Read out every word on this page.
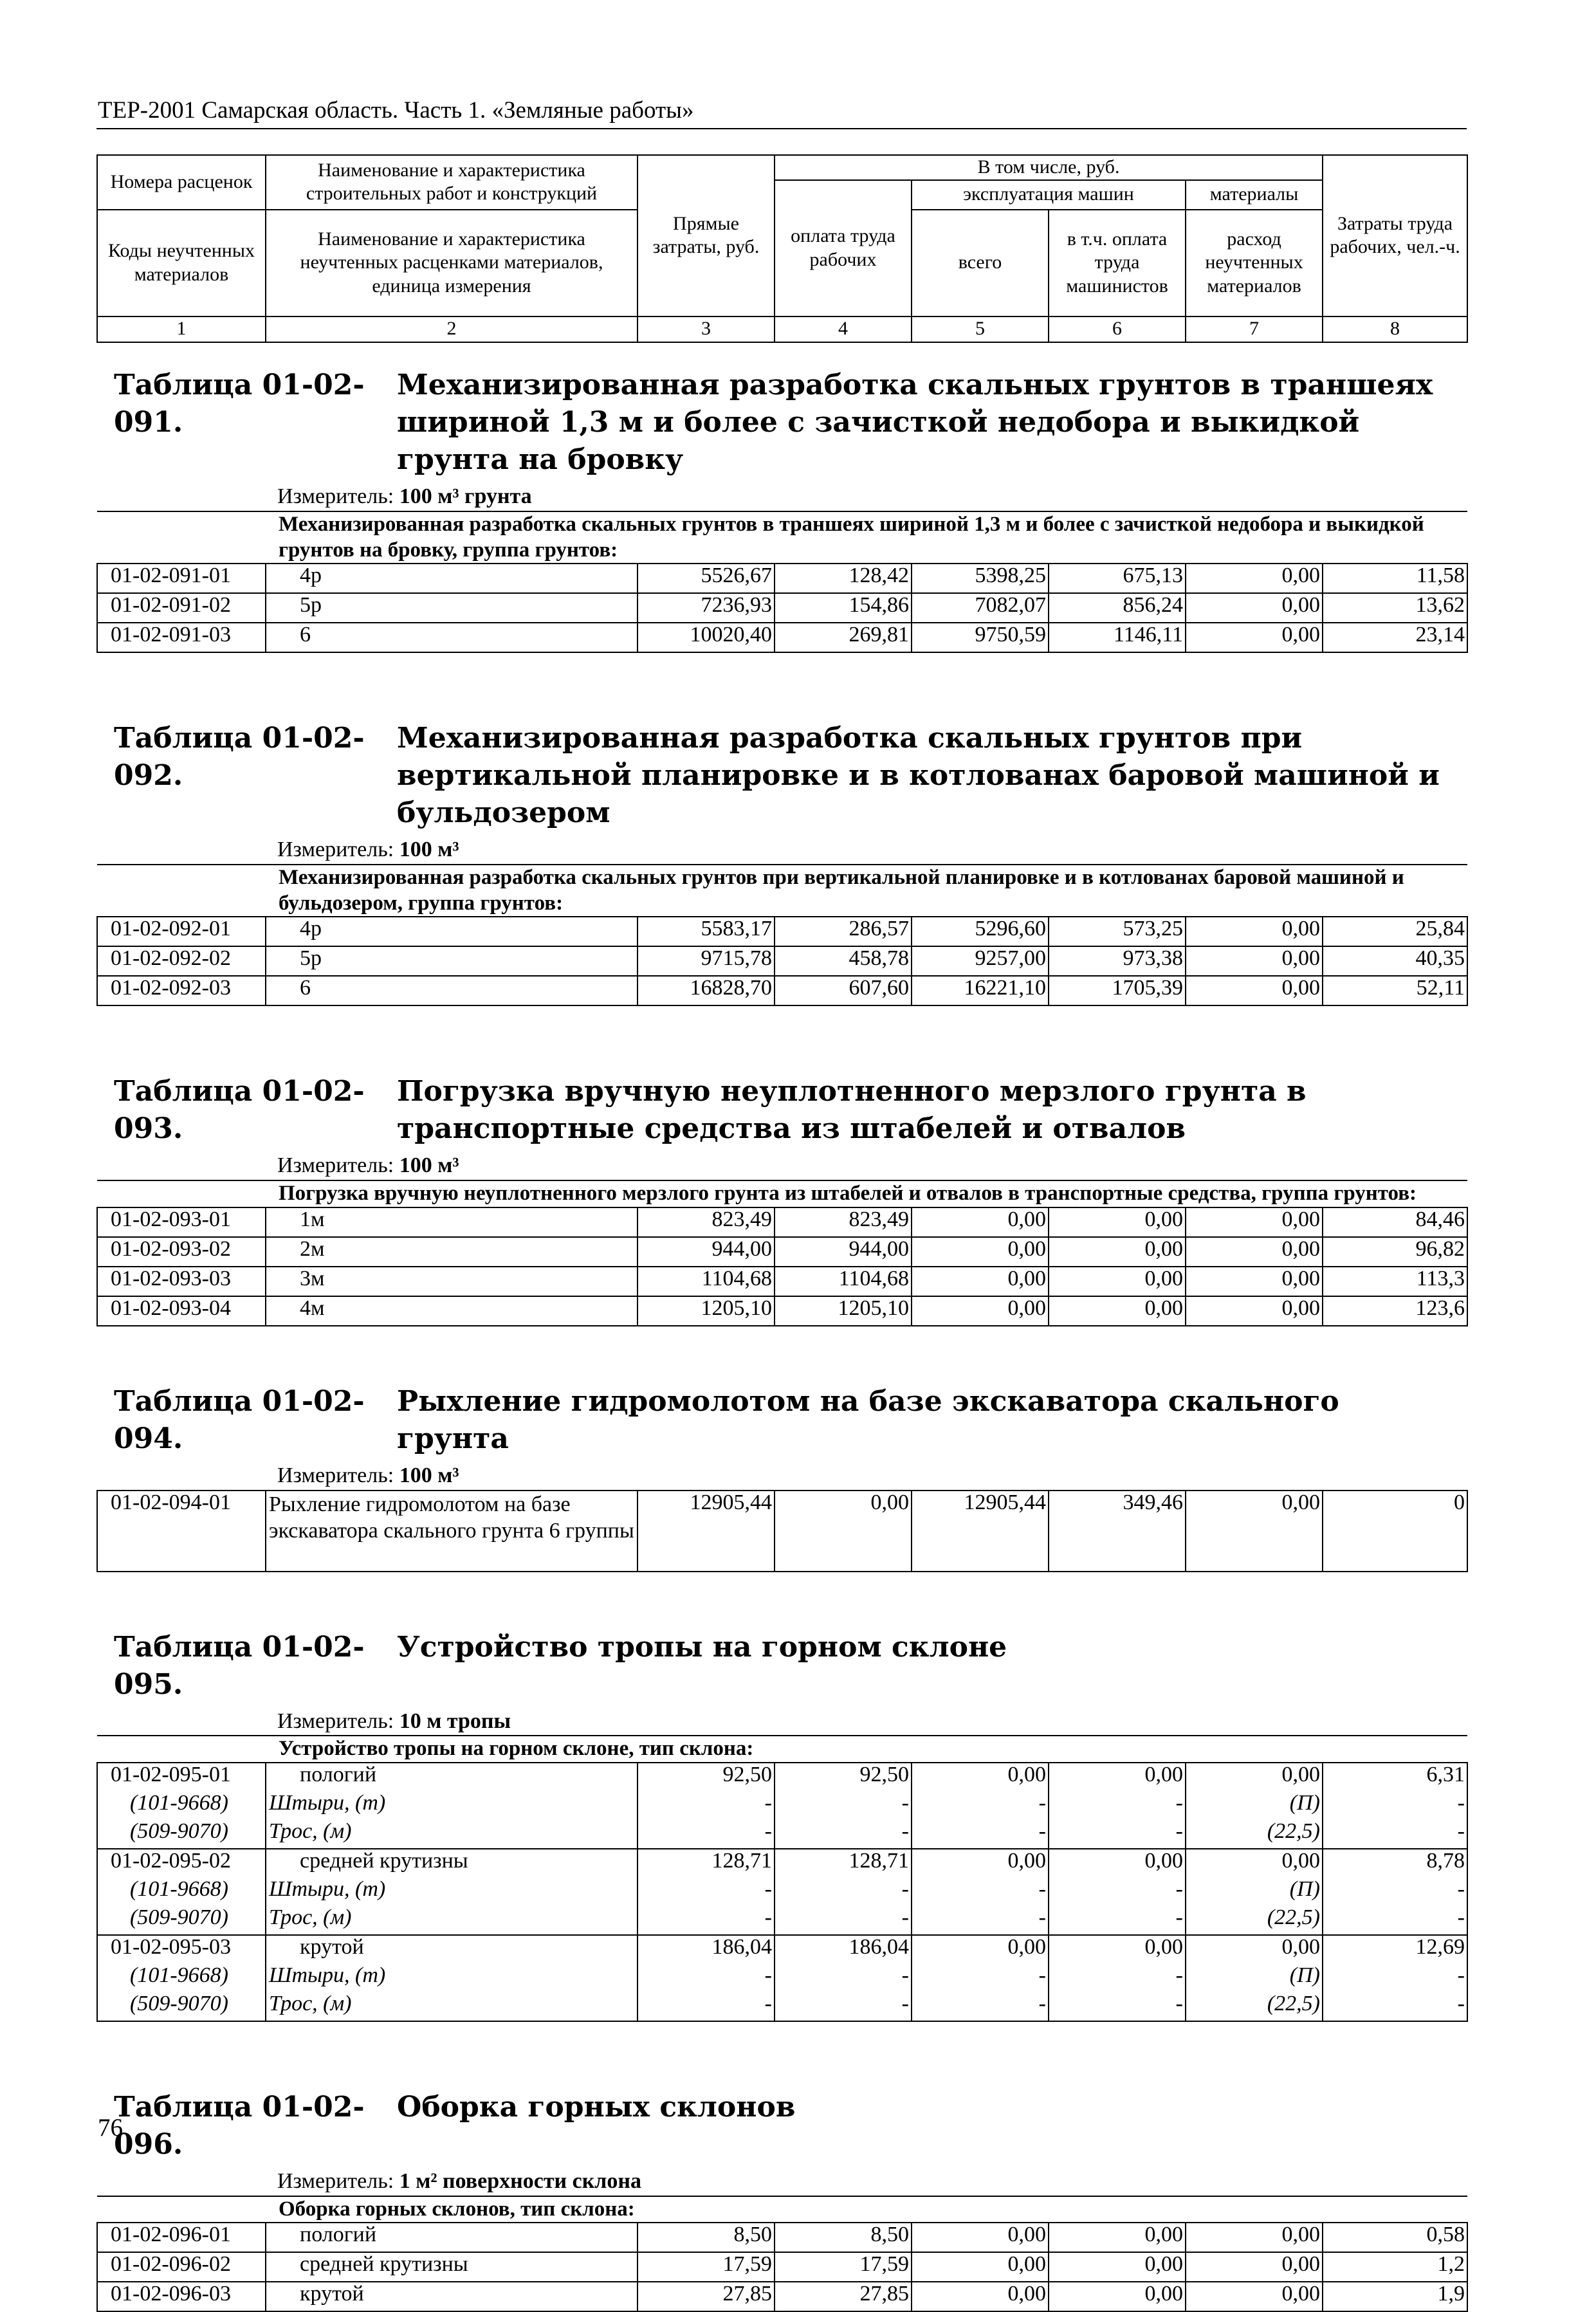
ТЕР-2001 Самарская область. Часть 1. «Земляные работы»
Номера расценок	Наименование и характеристика строительных работ и конструкций	Прямые затраты, руб.	В том числе, руб.				Затраты труда рабочих, чел.-ч.
			оплата труда рабочих	эксплуатация машин		материалы	
Коды неучтенных материалов	Наименование и характеристика неучтенных расценками материалов, единица измерения			всего	в т.ч. оплата труда машинистов	расход неучтенных материалов	

1	2	3	4	5	6	7	8

Таблица 01-02-091.Механизированная разработка скальных грунтов в траншеях шириной 1,3 м и более с зачисткой недобора и выкидкой грунта на бровку							
Измеритель: 100 м³ грунта							
Механизированная разработка скальных грунтов в траншеях шириной 1,3 м и более с зачисткой недобора и выкидкой грунтов на бровку, группа грунтов:							
01-02-091-01	4р	5526,67	128,42	5398,25	675,13	0,00	11,58
01-02-091-02	5р	7236,93	154,86	7082,07	856,24	0,00	13,62
01-02-091-03	6	10020,40	269,81	9750,59	1146,11	0,00	23,14

Таблица 01-02-092.Механизированная разработка скальных грунтов при вертикальной планировке и в котлованах баровой машиной и бульдозером							
Измеритель: 100 м³							
Механизированная разработка скальных грунтов при вертикальной планировке и в котлованах баровой машиной и бульдозером, группа грунтов:							
01-02-092-01	4р	5583,17	286,57	5296,60	573,25	0,00	25,84
01-02-092-02	5р	9715,78	458,78	9257,00	973,38	0,00	40,35
01-02-092-03	6	16828,70	607,60	16221,10	1705,39	0,00	52,11

Таблица 01-02-093.Погрузка вручную неуплотненного мерзлого грунта в транспортные средства из штабелей и отвалов							
Измеритель: 100 м³							
Погрузка вручную неуплотненного мерзлого грунта из штабелей и отвалов в транспортные средства, группа грунтов:							
01-02-093-01	1м	823,49	823,49	0,00	0,00	0,00	84,46
01-02-093-02	2м	944,00	944,00	0,00	0,00	0,00	96,82
01-02-093-03	3м	1104,68	1104,68	0,00	0,00	0,00	113,3
01-02-093-04	4м	1205,10	1205,10	0,00	0,00	0,00	123,6

Таблица 01-02-094.Рыхление гидромолотом на базе экскаватора скального грунта							
Измеритель: 100 м³							
01-02-094-01	Рыхление гидромолотом на базе экскаватора скального грунта 6 группы	12905,44	0,00	12905,44	349,46	0,00	0

Таблица 01-02-095.Устройство тропы на горном склоне							
Измеритель: 10 м тропы							
Устройство тропы на горном склоне, тип склона:							
01-02-095-01	пологий	92,50	92,50	0,00	0,00	0,00	6,31
(101-9668)	Штыри, (т)	-	-	-	-	(П)	-
(509-9070)	Трос, (м)	-	-	-	-	(22,5)	-
01-02-095-02	средней крутизны	128,71	128,71	0,00	0,00	0,00	8,78
(101-9668)	Штыри, (т)	-	-	-	-	(П)	-
(509-9070)	Трос, (м)	-	-	-	-	(22,5)	-
01-02-095-03	крутой	186,04	186,04	0,00	0,00	0,00	12,69
(101-9668)	Штыри, (т)	-	-	-	-	(П)	-
(509-9070)	Трос, (м)	-	-	-	-	(22,5)	-

Таблица 01-02-096.Оборка горных склонов							
Измеритель: 1 м² поверхности склона							
Оборка горных склонов, тип склона:							
01-02-096-01	пологий	8,50	8,50	0,00	0,00	0,00	0,58
01-02-096-02	средней крутизны	17,59	17,59	0,00	0,00	0,00	1,2
01-02-096-03	крутой	27,85	27,85	0,00	0,00	0,00	1,9
76
